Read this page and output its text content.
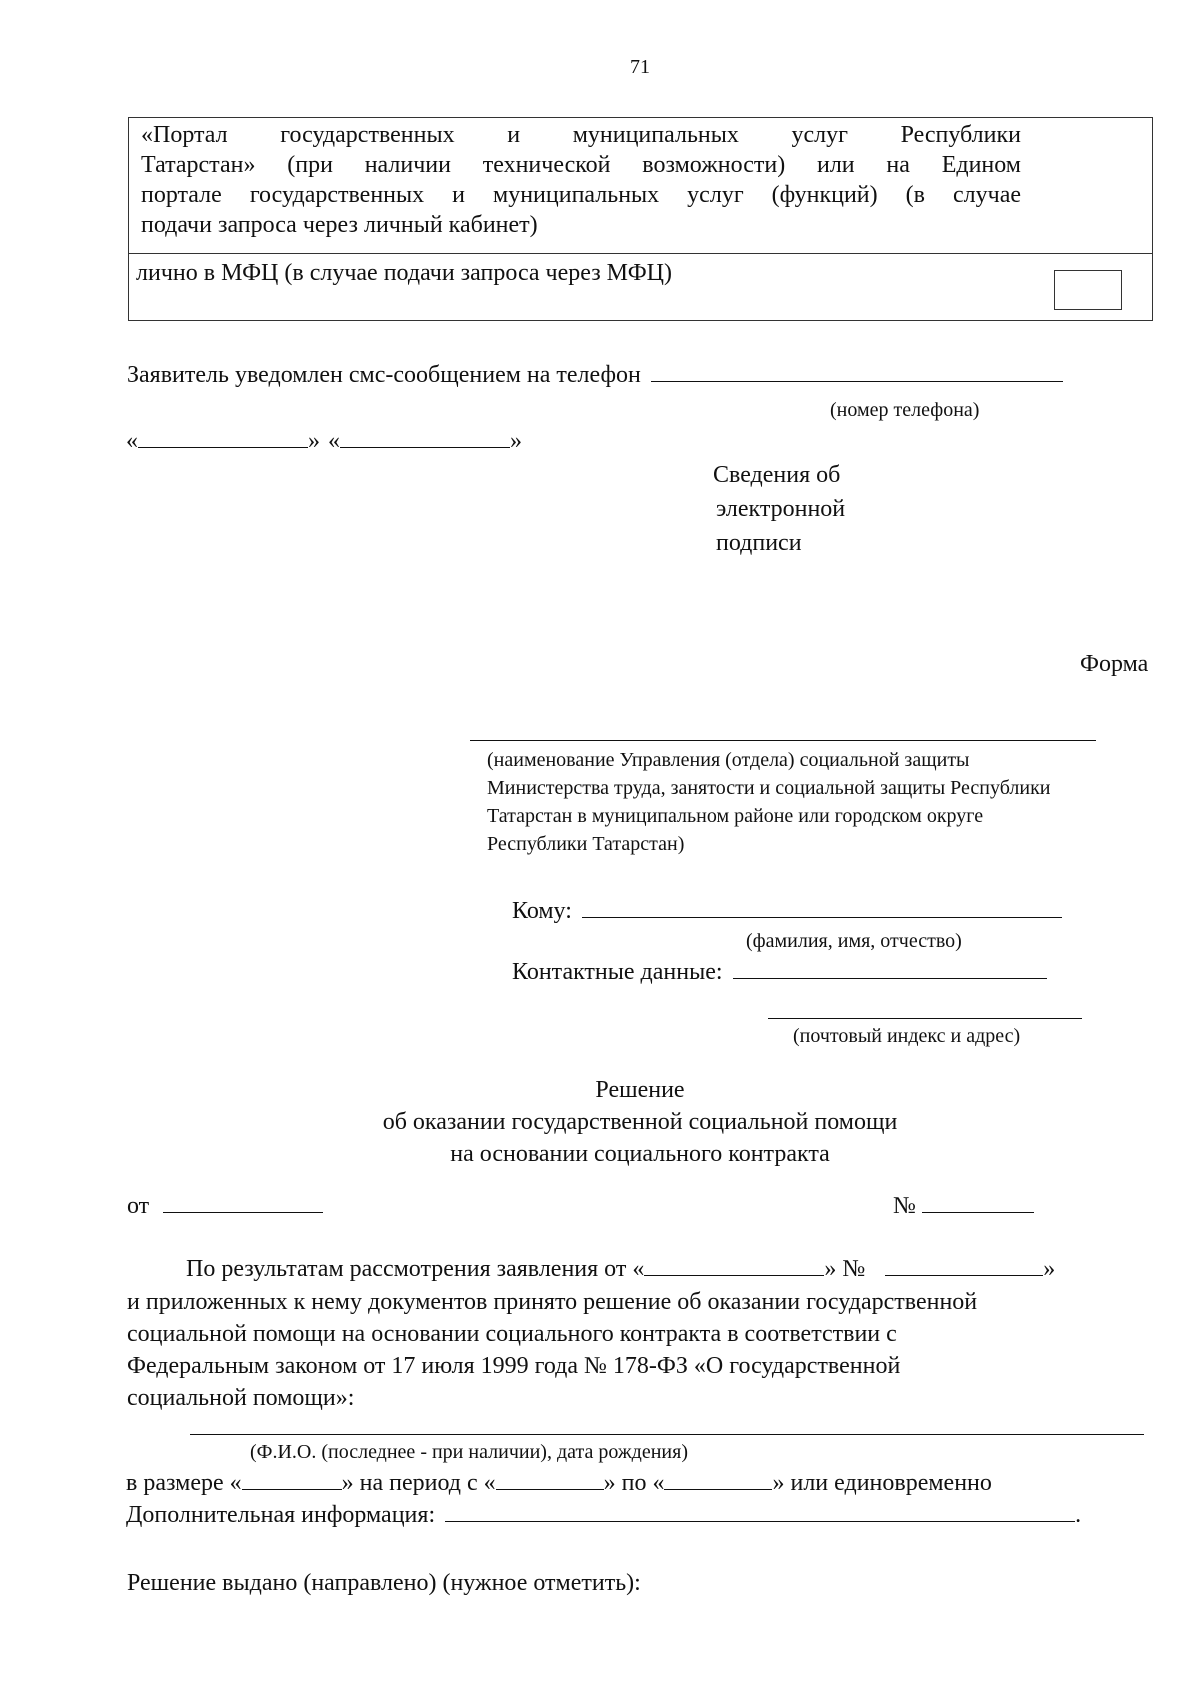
71
«Портал государственных и муниципальных услуг Республики
Татарстан» (при наличии технической возможности) или на Едином
портале государственных и муниципальных услуг (функций) (в случае
подачи запроса через личный кабинет)
лично в МФЦ (в случае подачи запроса через МФЦ)
Заявитель уведомлен смс-сообщением на телефон
(номер телефона)
«	» «	»
Сведения об
электронной
подписи
Форма
(наименование Управления (отдела) социальной защиты
Министерства труда, занятости и социальной защиты Республики
Татарстан в муниципальном районе или городском округе
Республики Татарстан)
Кому:
(фамилия, имя, отчество)
Контактные данные:
(почтовый индекс и адрес)
Решение
об оказании государственной социальной помощи
на основании социального контракта
от	№
По результатам рассмотрения заявления от «	» №	»
и приложенных к нему документов принято решение об оказании государственной
социальной помощи на основании социального контракта в соответствии с
Федеральным законом от 17 июля 1999 года № 178-ФЗ «О государственной
социальной помощи»:
(Ф.И.О. (последнее - при наличии), дата рождения)
в размере «	» на период с «	» по «	» или единовременно
Дополнительная информация:	.
Решение выдано (направлено) (нужное отметить):
